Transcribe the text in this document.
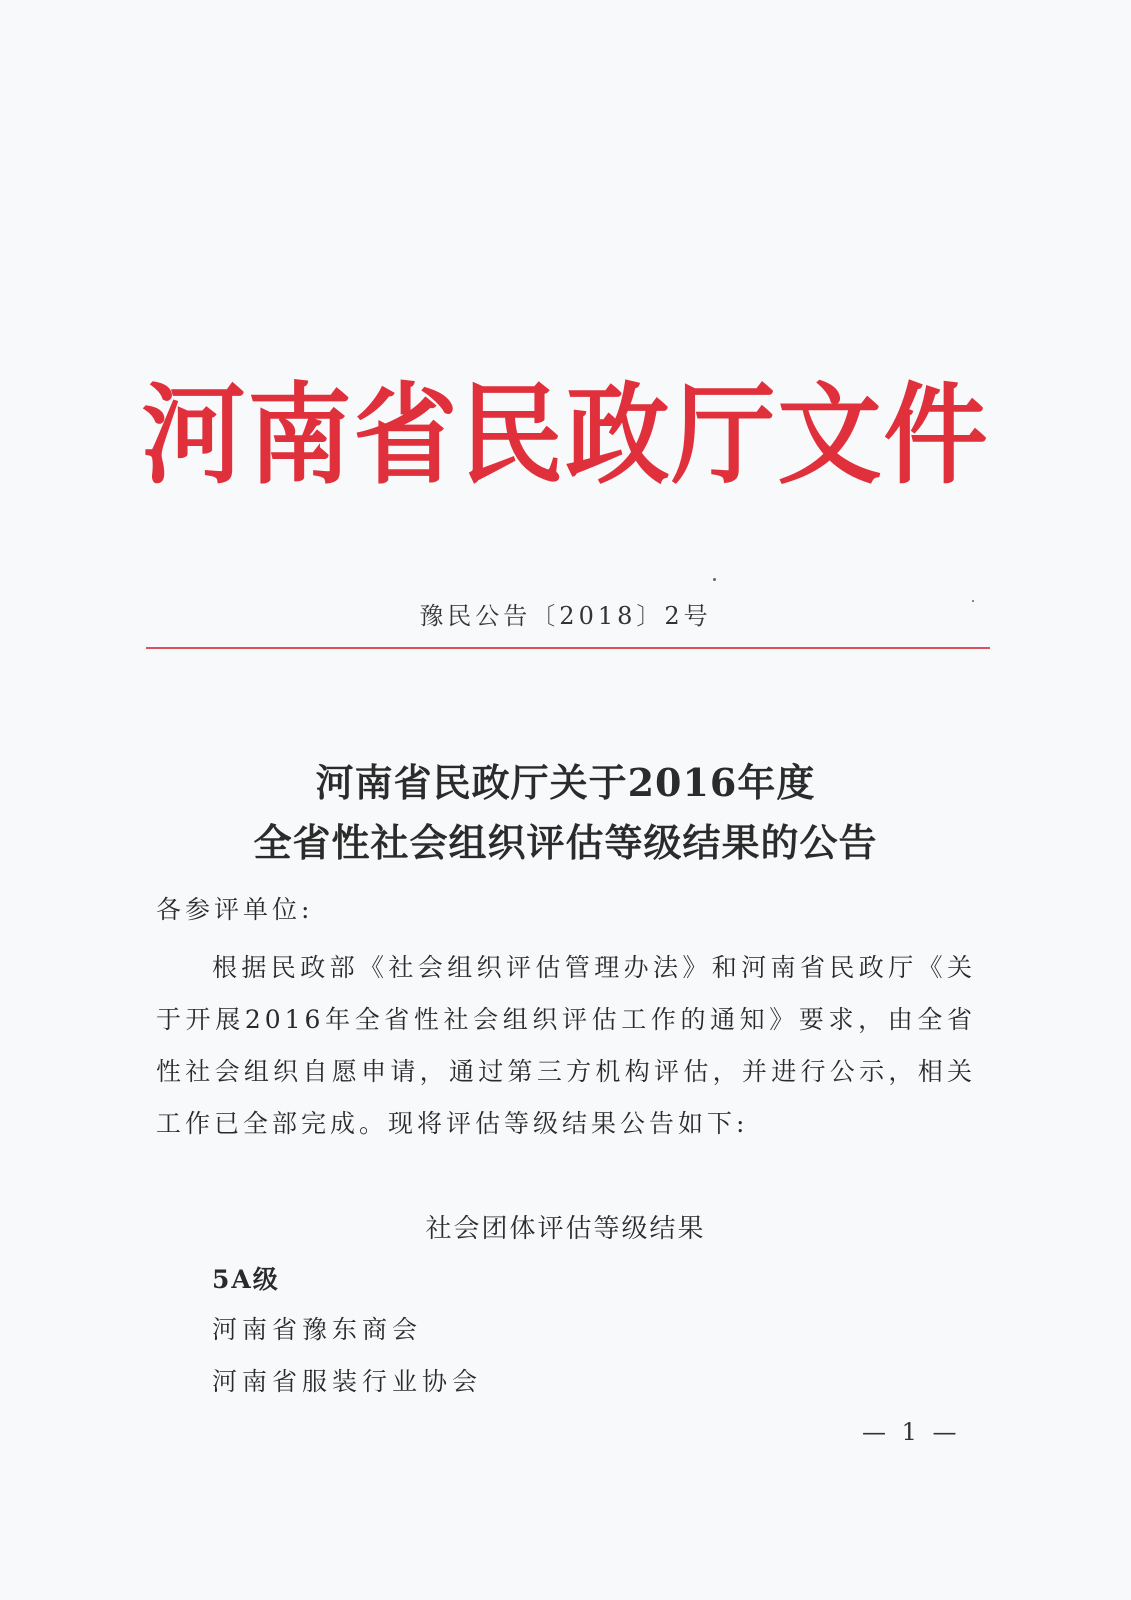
河南省民政厅文件
豫民公告〔2018〕2号
河南省民政厅关于2016年度
全省性社会组织评估等级结果的公告
各参评单位:

根据民政部《社会组织评估管理办法》和河南省民政厅《关于开展2016年全省性社会组织评估工作的通知》要求，由全省性社会组织自愿申请，通过第三方机构评估，并进行公示，相关工作已全部完成。现将评估等级结果公告如下:

社会团体评估等级结果
5A级
河南省豫东商会
河南省服装行业协会
— 1 —
